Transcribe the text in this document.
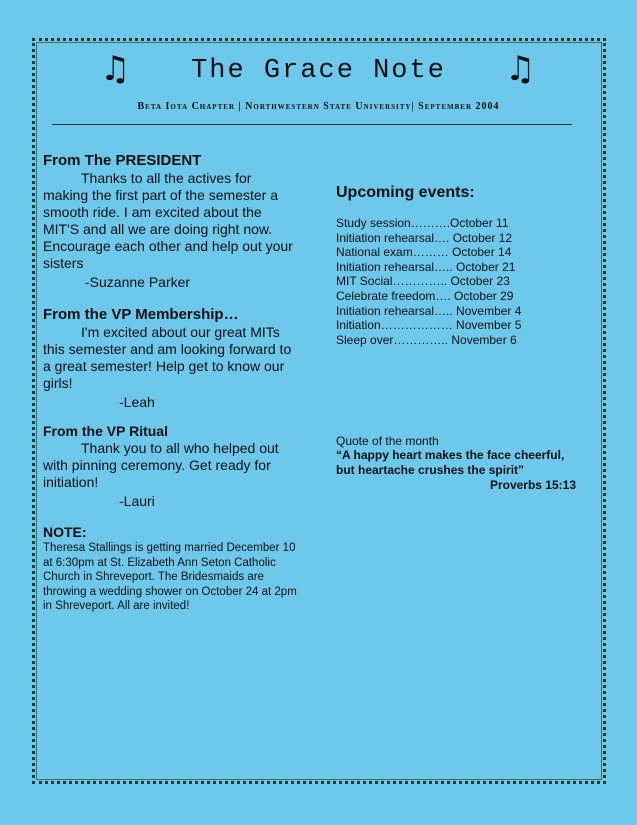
♫	♫
The Grace Note
Beta Iota Chapter | Northwestern State University| September 2004
From The PRESIDENT

Thanks to all the actives for making the first part of the semester a smooth ride. I am excited about the MIT'S and all we are doing right now. Encourage each other and help out your sisters

-Suzanne Parker

From the VP Membership…

I'm excited about our great MITs this semester and am looking forward to a great semester! Help get to know our girls!

-Leah

From the VP Ritual

Thank you to all who helped out with pinning ceremony. Get ready for initiation!

-Lauri

NOTE:

Theresa Stallings is getting married December 10 at 6:30pm at St. Elizabeth Ann Seton Catholic Church in Shreveport. The Bridesmaids are throwing a wedding shower on October 24 at 2pm in Shreveport. All are invited!

Upcoming events:
Study session……….October 11
Initiation rehearsal…. October 12
National exam……… October 14
Initiation rehearsal….. October 21
MIT Social………….. October 23
Celebrate freedom…. October 29
Initiation rehearsal….. November 4
Initiation……………… November 5
Sleep over………….. November 6
Quote of the month
“A happy heart makes the face cheerful, but heartache crushes the spirit”
Proverbs 15:13
